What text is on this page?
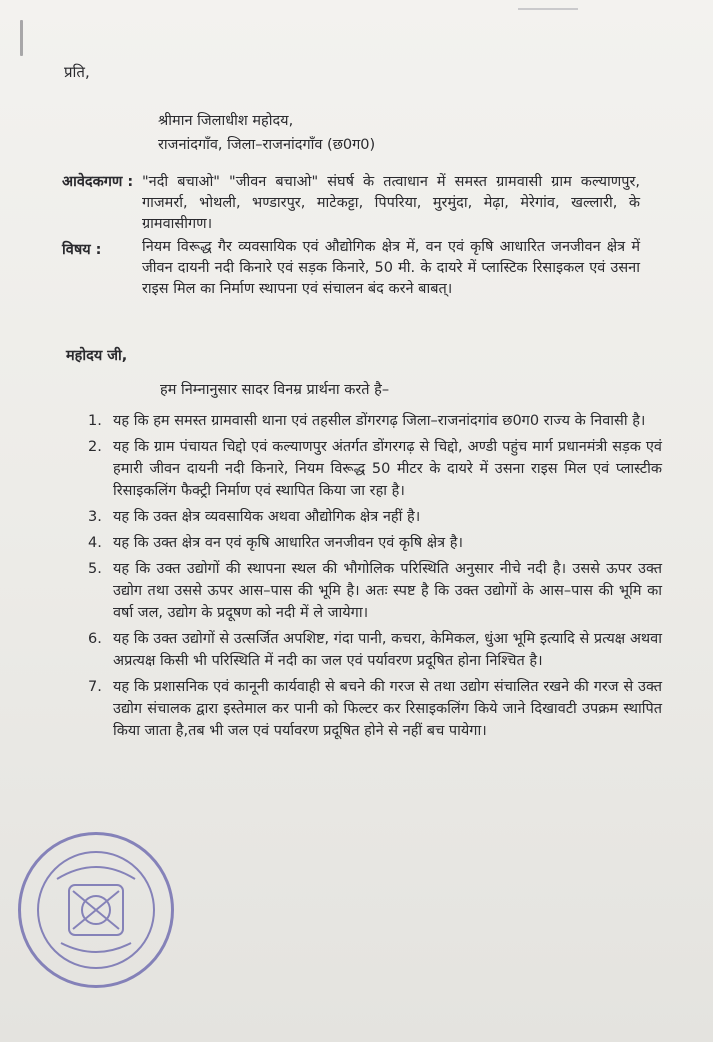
प्रति,
श्रीमान जिलाधीश महोदय,
राजनांदगाँव, जिला–राजनांदगाँव (छ0ग0)
आवेदकगण : "नदी बचाओ" "जीवन बचाओ" संघर्ष के तत्वाधान में समस्त ग्रामवासी ग्राम कल्याणपुर, गाजमर्रा, भोथली, भण्डारपुर, माटेकट्टा, पिपरिया, मुरमुंदा, मेढ़ा, मेरेगांव, खल्लारी, के ग्रामवासीगण।
विषय :	नियम विरूद्ध गैर व्यवसायिक एवं औद्योगिक क्षेत्र में, वन एवं कृषि आधारित जनजीवन क्षेत्र में जीवन दायनी नदी किनारे एवं सड़क किनारे, 50 मी. के दायरे में प्लास्टिक रिसाइकल एवं उसना राइस मिल का निर्माण स्थापना एवं संचालन बंद करने बाबत्।
महोदय जी,
हम निम्नानुसार सादर विनम्र प्रार्थना करते है–
1. यह कि हम समस्त ग्रामवासी थाना एवं तहसील डोंगरगढ़ जिला–राजनांदगांव छ0ग0 राज्य के निवासी है।
2. यह कि ग्राम पंचायत चिद्दो एवं कल्याणपुर अंतर्गत डोंगरगढ़ से चिद्दो, अण्डी पहुंच मार्ग प्रधानमंत्री सड़क एवं हमारी जीवन दायनी नदी किनारे, नियम विरूद्ध 50 मीटर के दायरे में उसना राइस मिल एवं प्लास्टीक रिसाइकलिंग फैक्ट्री निर्माण एवं स्थापित किया जा रहा है।
3. यह कि उक्त क्षेत्र व्यवसायिक अथवा औद्योगिक क्षेत्र नहीं है।
4. यह कि उक्त क्षेत्र वन एवं कृषि आधारित जनजीवन एवं कृषि क्षेत्र है।
5. यह कि उक्त उद्योगों की स्थापना स्थल की भौगोलिक परिस्थिति अनुसार नीचे नदी है। उससे ऊपर उक्त उद्योग तथा उससे ऊपर आस–पास की भूमि है। अतः स्पष्ट है कि उक्त उद्योगों के आस–पास की भूमि का वर्षा जल, उद्योग के प्रदूषण को नदी में ले जायेगा।
6. यह कि उक्त उद्योगों से उत्सर्जित अपशिष्ट, गंदा पानी, कचरा, केमिकल, धुंआ भूमि इत्यादि से प्रत्यक्ष अथवा अप्रत्यक्ष किसी भी परिस्थिति में नदी का जल एवं पर्यावरण प्रदूषित होना निश्चित है।
7. यह कि प्रशासनिक एवं कानूनी कार्यवाही से बचने की गरज से तथा उद्योग संचालित रखने की गरज से उक्त उद्योग संचालक द्वारा इस्तेमाल कर पानी को फिल्टर कर रिसाइकलिंग किये जाने दिखावटी उपक्रम स्थापित किया जाता है,तब भी जल एवं पर्यावरण प्रदूषित होने से नहीं बच पायेगा।
